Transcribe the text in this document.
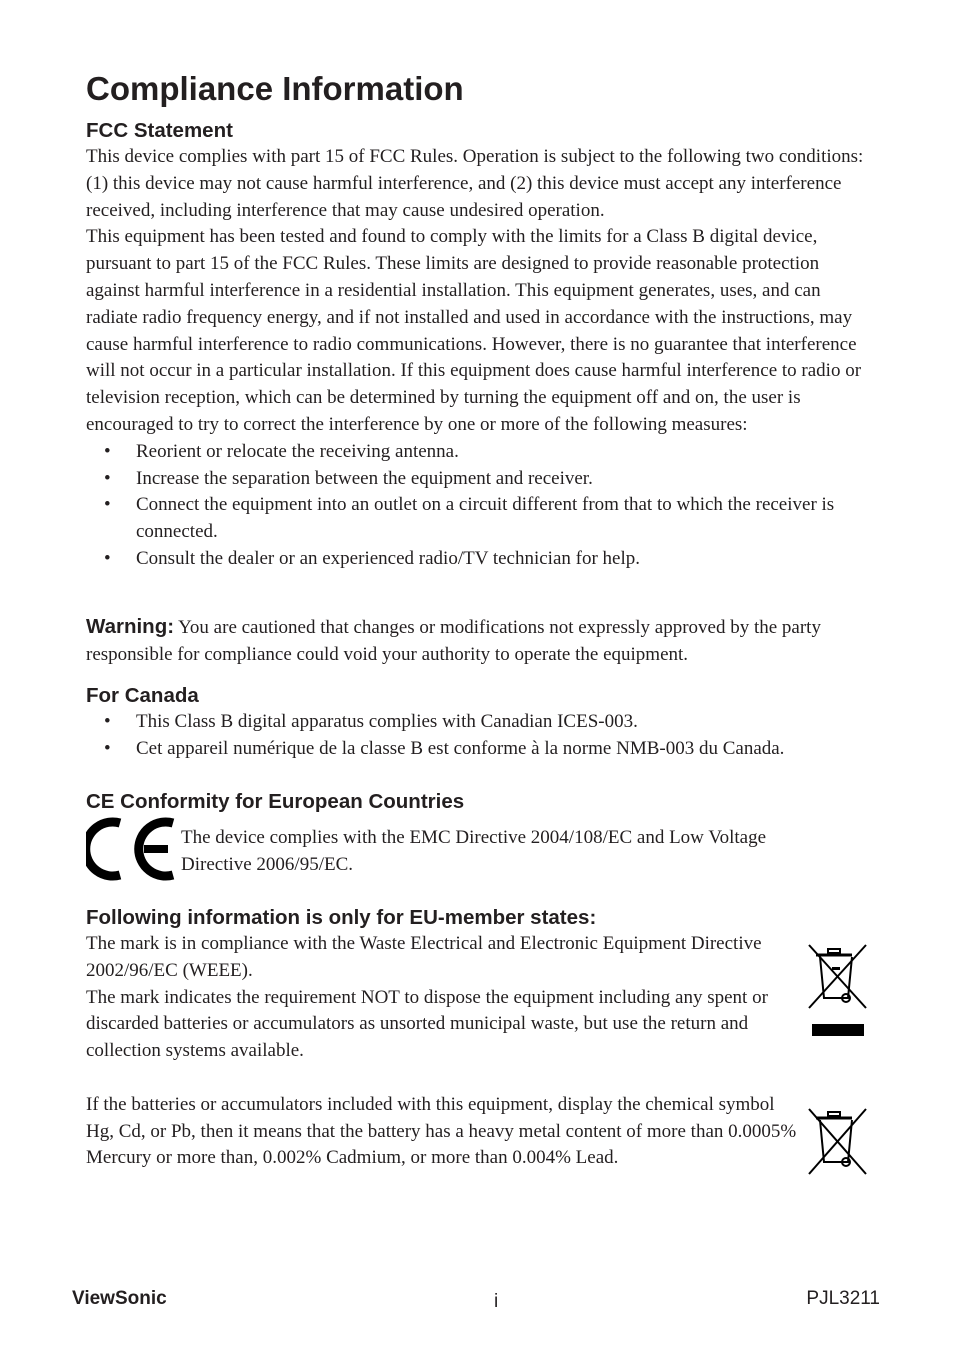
Compliance Information
FCC Statement

This device complies with part 15 of FCC Rules. Operation is subject to the following two conditions: (1) this device may not cause harmful interference, and (2) this device must accept any interference received, including interference that may cause undesired operation.

This equipment has been tested and found to comply with the limits for a Class B digital device, pursuant to part 15 of the FCC Rules. These limits are designed to provide reasonable protection against harmful interference in a residential installation. This equipment generates, uses, and can radiate radio frequency energy, and if not installed and used in accordance with the instructions, may cause harmful interference to radio communications. However, there is no guarantee that interference will not occur in a particular installation. If this equipment does cause harmful interference to radio or television reception, which can be determined by turning the equipment off and on, the user is encouraged to try to correct the interference by one or more of the following measures:

• Reorient or relocate the receiving antenna.
• Increase the separation between the equipment and receiver.
• Connect the equipment into an outlet on a circuit different from that to which the receiver is connected.
• Consult the dealer or an experienced radio/TV technician for help.

Warning: You are cautioned that changes or modifications not expressly approved by the party responsible for compliance could void your authority to operate the equipment.

For Canada
• This Class B digital apparatus complies with Canadian ICES-003.
• Cet appareil numérique de la classe B est conforme à la norme NMB-003 du Canada.
CE Conformity for European Countries

The device complies with the EMC Directive 2004/108/EC and Low Voltage Directive 2006/95/EC.

Following information is only for EU-member states:

The mark is in compliance with the Waste Electrical and Electronic Equipment Directive 2002/96/EC (WEEE).

The mark indicates the requirement NOT to dispose the equipment including any spent or discarded batteries or accumulators as unsorted municipal waste, but use the return and collection systems available.

If the batteries or accumulators included with this equipment, display the chemical symbol Hg, Cd, or Pb, then it means that the battery has a heavy metal content of more than 0.0005% Mercury or more than, 0.002% Cadmium, or more than 0.004% Lead.

ViewSonic	i	PJL3211
